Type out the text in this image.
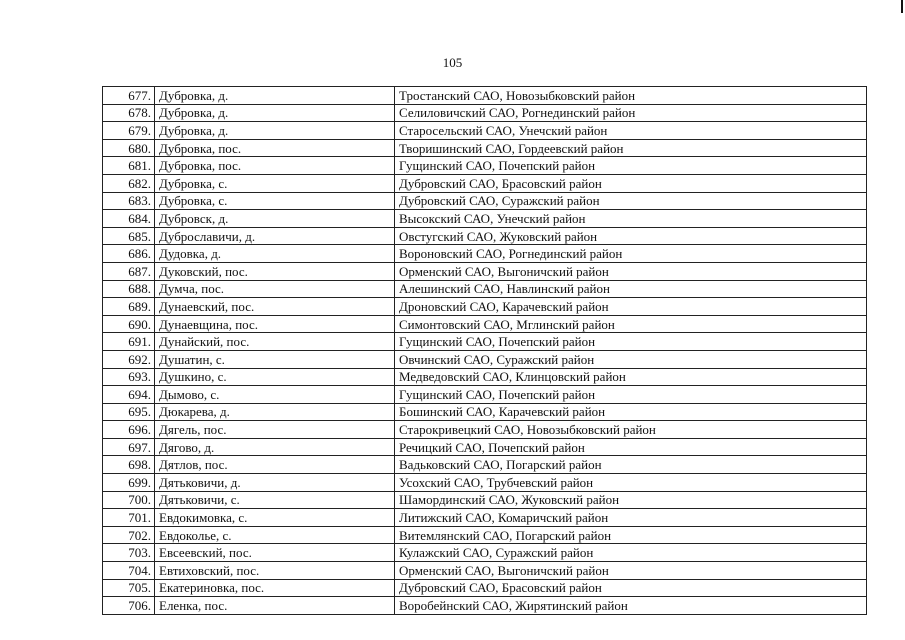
105
677.	Дубровка, д.	Тростанский САО, Новозыбковский район
678.	Дубровка, д.	Селиловичский САО, Рогнединский район
679.	Дубровка, д.	Старосельский САО, Унечский район
680.	Дубровка, пос.	Творишинский САО, Гордеевский район
681.	Дубровка, пос.	Гущинский САО, Почепский район
682.	Дубровка, с.	Дубровский САО, Брасовский район
683.	Дубровка, с.	Дубровский САО, Суражский район
684.	Дубровск, д.	Высокский САО, Унечский район
685.	Дуброславичи, д.	Овстугский САО, Жуковский район
686.	Дудовка, д.	Вороновский САО, Рогнединский район
687.	Дуковский, пос.	Орменский САО, Выгоничский район
688.	Думча, пос.	Алешинский САО, Навлинский район
689.	Дунаевский, пос.	Дроновский САО, Карачевский район
690.	Дунаевщина, пос.	Симонтовский САО, Мглинский район
691.	Дунайский, пос.	Гущинский САО, Почепский район
692.	Душатин, с.	Овчинский САО, Суражский район
693.	Душкино, с.	Медведовский САО, Клинцовский район
694.	Дымово, с.	Гущинский САО, Почепский район
695.	Дюкарева, д.	Бошинский САО, Карачевский район
696.	Дягель, пос.	Старокривецкий САО, Новозыбковский район
697.	Дягово, д.	Речицкий САО, Почепский район
698.	Дятлов, пос.	Вадьковский САО, Погарский район
699.	Дятьковичи, д.	Усохский САО, Трубчевский район
700.	Дятьковичи, с.	Шамординский САО, Жуковский район
701.	Евдокимовка, с.	Литижский САО, Комаричский район
702.	Евдокольe, с.	Витемлянский САО, Погарский район
703.	Евсеевский, пос.	Кулажский САО, Суражский район
704.	Евтиховский, пос.	Орменский САО, Выгоничский район
705.	Екатериновка, пос.	Дубровский САО, Брасовский район
706.	Еленка, пос.	Воробейнский САО, Жирятинский район
